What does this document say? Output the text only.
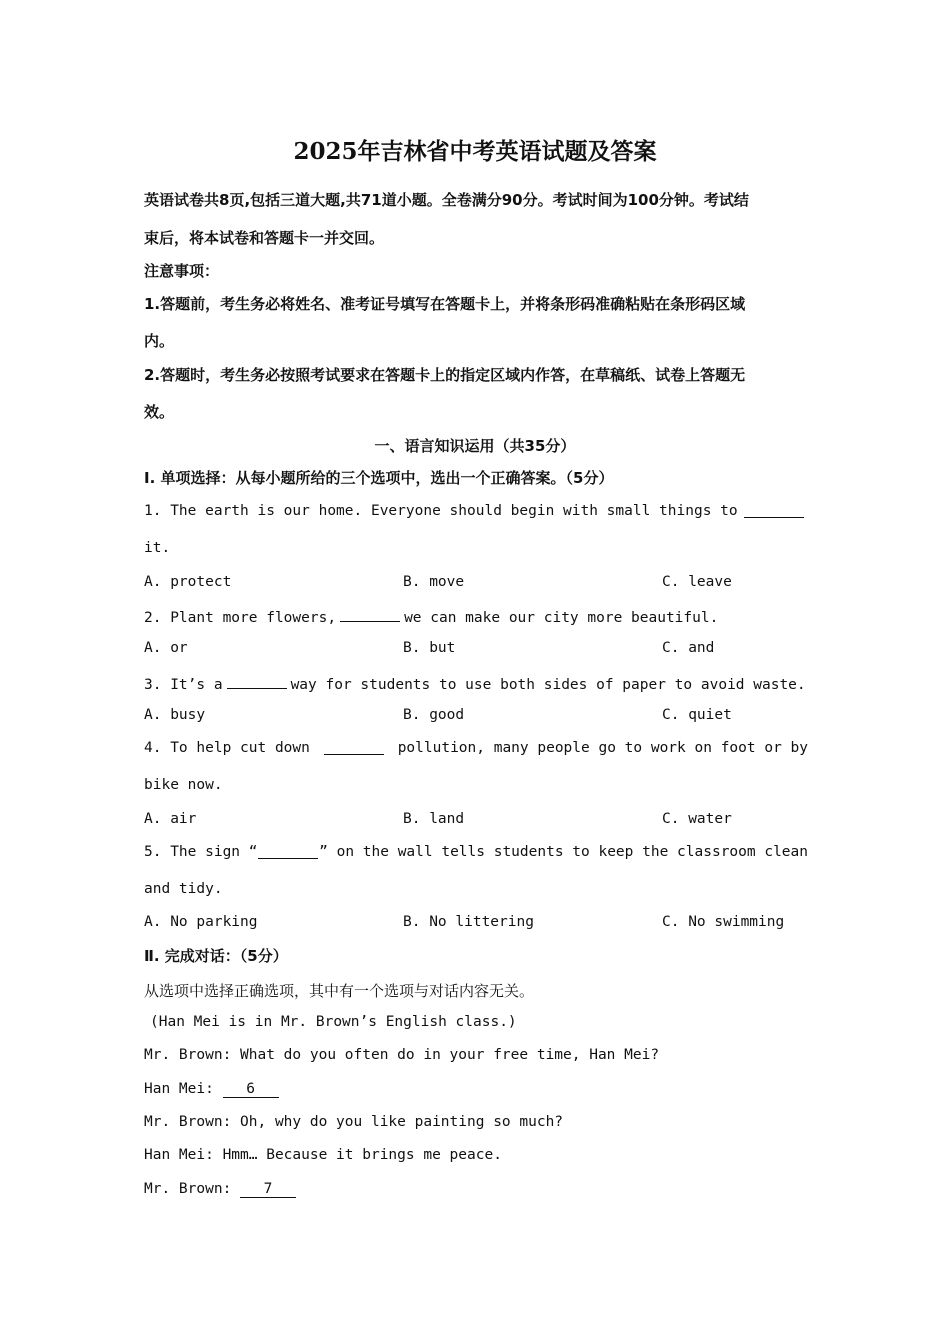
2025年吉林省中考英语试题及答案
英语试卷共8页,包括三道大题,共71道小题。全卷满分90分。考试时间为100分钟。考试结
束后，将本试卷和答题卡一并交回。
注意事项：
1.答题前，考生务必将姓名、准考证号填写在答题卡上，并将条形码准确粘贴在条形码区域
内。
2.答题时，考生务必按照考试要求在答题卡上的指定区域内作答，在草稿纸、试卷上答题无
效。
一、语言知识运用（共35分）
Ⅰ. 单项选择：从每小题所给的三个选项中，选出一个正确答案。（5分）
1. The earth is our home. Everyone should begin with small things to
it.
A. protect	B. move	C. leave
2. Plant more flowers,	we can make our city more beautiful.
A. or	B. but	C. and
3. It’s a	way for students to use both sides of paper to avoid waste.
A. busy	B. good	C. quiet
4. To help cut down	pollution, many people go to work on foot or by
bike now.
A. air	B. land	C. water
5. The sign “	” on the wall tells students to keep the classroom clean
and tidy.
A. No parking	B. No littering	C. No swimming
Ⅱ. 完成对话：（5分）
从选项中选择正确选项，其中有一个选项与对话内容无关。
(Han Mei is in Mr. Brown’s English class.)
Mr. Brown: What do you often do in your free time, Han Mei?
Han Mei: 6
Mr. Brown: Oh, why do you like painting so much?
Han Mei: Hmm… Because it brings me peace.
Mr. Brown: 7
